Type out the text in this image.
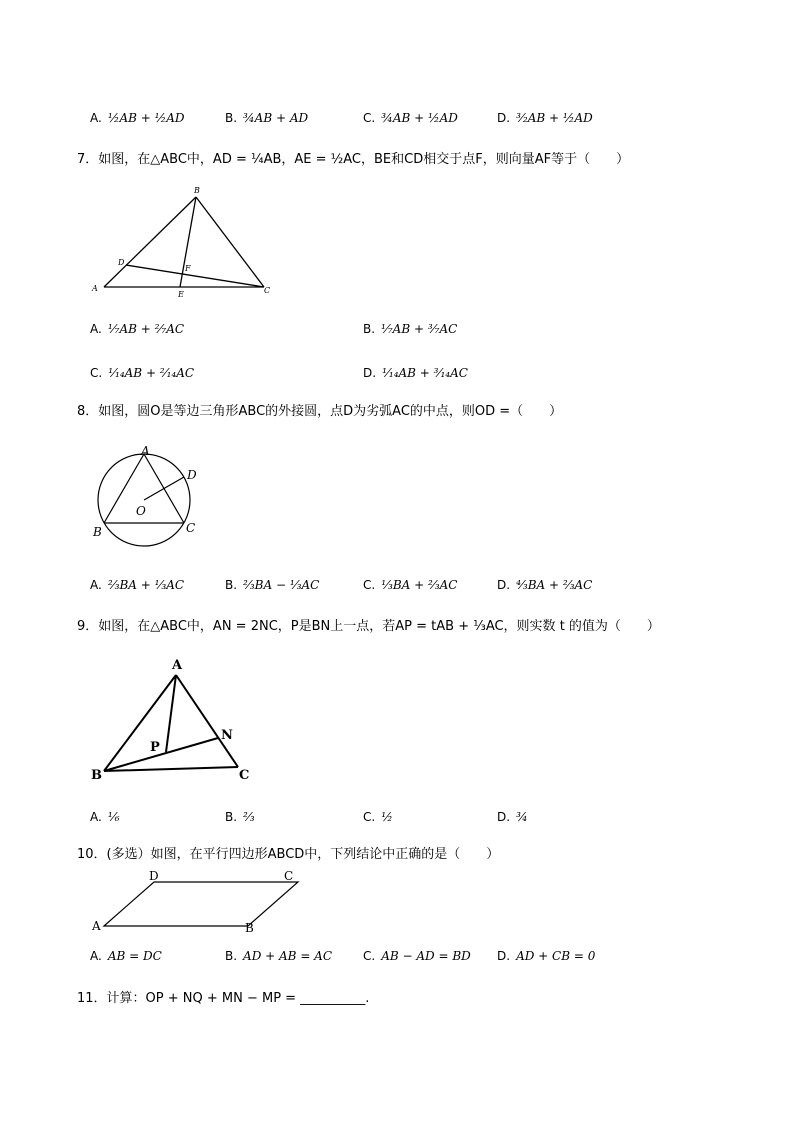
A. ½AB + ½AD	B. ¾AB + AD	C. ¾AB + ½AD	D. ³⁄₂AB + ½AD
7．如图，在△ABC中，AD = ¼AB，AE = ½AC，BE和CD相交于点F，则向量AF等于（　　）
B
A	C
D
E
F
A. ¹⁄₇AB + ²⁄₇AC	B. ¹⁄₇AB + ³⁄₇AC
C. ¹⁄₁₄AB + ²⁄₁₄AC	D. ¹⁄₁₄AB + ³⁄₁₄AC
8．如图，圆O是等边三角形ABC的外接圆，点D为劣弧AC的中点，则OD =（　　）
A
D
O
B	C
A. ⅔BA + ⅓AC	B. ⅔BA − ⅓AC	C. ⅓BA + ⅔AC	D. ⁴⁄₃BA + ⅔AC
9．如图，在△ABC中，AN = 2NC，P是BN上一点，若AP = tAB + ⅓AC，则实数 t 的值为（　　）
A
N
P
B	C
A. ⅙	B. ⅔	C. ½	D. ¾
10．(多选）如图，在平行四边形ABCD中，下列结论中正确的是（　　）
D	C
A	B
A. AB = DC	B. AD + AB = AC	C. AB − AD = BD D. AD + CB = 0
11．计算：OP + NQ + MN − MP = __________.
